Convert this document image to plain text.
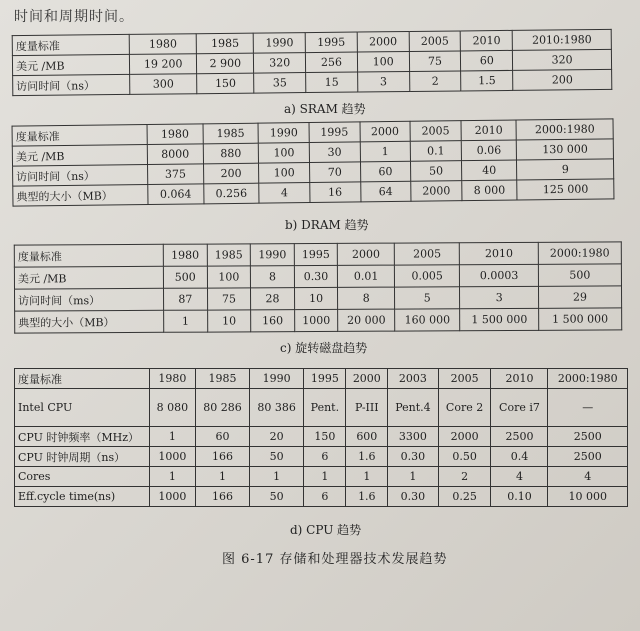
时间和周期时间。
度量标准	1980	1985	1990	1995	2000	2005	2010	2010:1980
美元 /MB	19 200	2 900	320	256	100	75	60	320
访问时间（ns）	300	150	35	15	3	2	1.5	200
a) SRAM 趋势
度量标准	1980	1985	1990	1995	2000	2005	2010	2000:1980
美元 /MB	8000	880	100	30	1	0.1	0.06	130 000
访问时间（ns）	375	200	100	70	60	50	40	9
典型的大小（MB）	0.064	0.256	4	16	64	2000	8 000	125 000
b) DRAM 趋势
度量标准	1980	1985	1990	1995	2000	2005	2010	2000:1980
美元 /MB	500	100	8	0.30	0.01	0.005	0.0003	500
访问时间（ms）	87	75	28	10	8	5	3	29
典型的大小（MB）	1	10	160	1000	20 000	160 000	1 500 000	1 500 000
c) 旋转磁盘趋势
度量标准	1980	1985	1990	1995	2000	2003	2005	2010	2000:1980
Intel CPU	8 080	80 286	80 386	Pent.	P-III	Pent.4	Core 2	Core i7	—
CPU 时钟频率（MHz）	1	60	20	150	600	3300	2000	2500	2500
CPU 时钟周期（ns）	1000	166	50	6	1.6	0.30	0.50	0.4	2500
Cores	1	1	1	1	1	1	2	4	4
Eff.cycle time(ns)	1000	166	50	6	1.6	0.30	0.25	0.10	10 000
d) CPU 趋势
图 6-17 存储和处理器技术发展趋势
